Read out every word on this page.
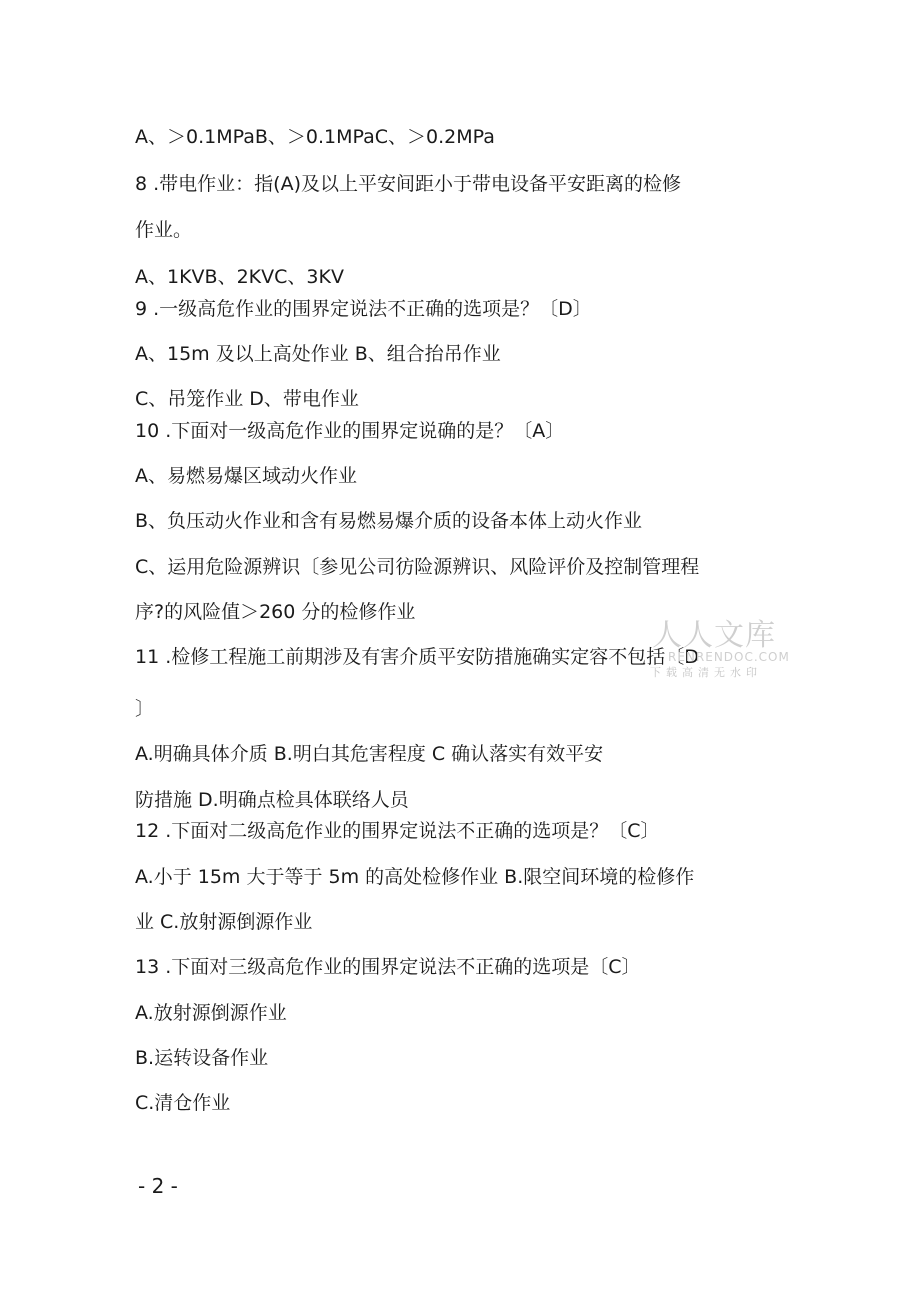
A、＞0.1MPaB、＞0.1MPaC、＞0.2MPa
8 .带电作业：指(A)及以上平安间距小于带电设备平安距离的检修
作业。
A、1KVB、2KVC、3KV
9 .一级高危作业的围界定说法不正确的选项是？〔D〕
A、15m 及以上高处作业 B、组合抬吊作业
C、吊笼作业 D、带电作业
10 .下面对一级高危作业的围界定说确的是？〔A〕
A、易燃易爆区域动火作业
B、负压动火作业和含有易燃易爆介质的设备本体上动火作业
C、运用危险源辨识〔参见公司彷险源辨识、风险评价及控制管理程
序?的风险值＞260 分的检修作业
11 .检修工程施工前期涉及有害介质平安防措施确实定容不包括〔D
〕
A.明确具体介质 B.明白其危害程度 C 确认落实有效平安
防措施 D.明确点检具体联络人员
12 .下面对二级高危作业的围界定说法不正确的选项是？〔C〕
A.小于 15m 大于等于 5m 的高处检修作业 B.限空间环境的检修作
业 C.放射源倒源作业
13 .下面对三级高危作业的围界定说法不正确的选项是〔C〕
A.放射源倒源作业
B.运转设备作业
C.清仓作业
人人文库
RENRENDOC.COM
下载高清无水印
- 2 -
